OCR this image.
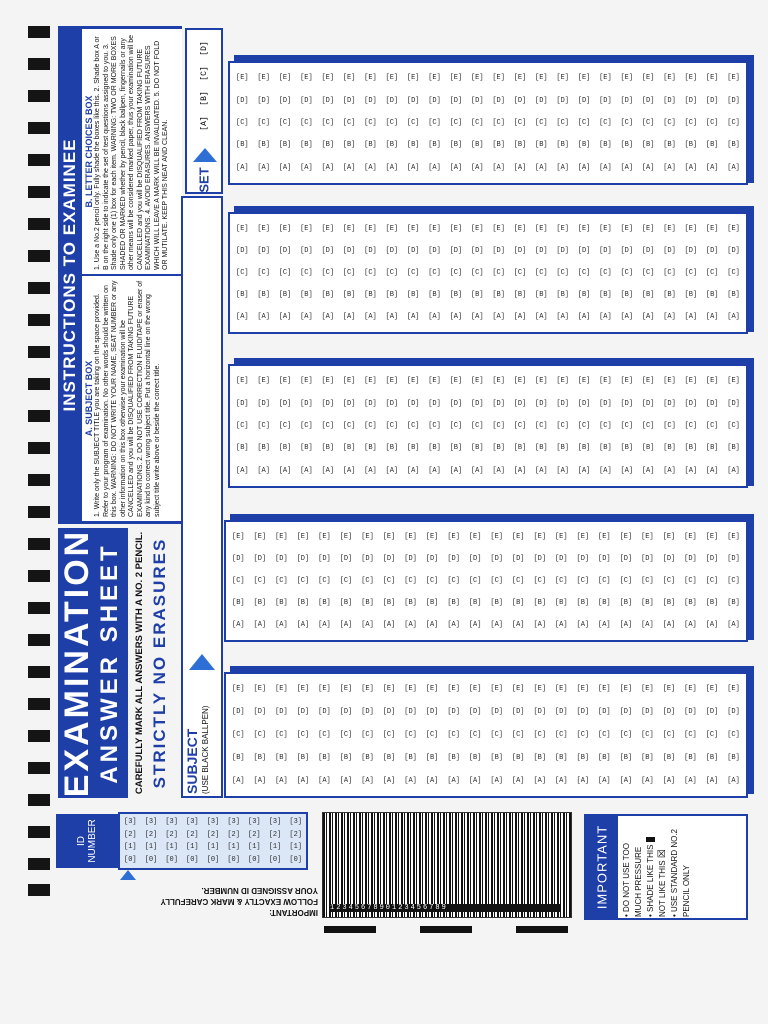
EXAMINATION ANSWER SHEET CAREFULLY MARK ALL ANSWERS WITH A NO. 2 PENCIL. STRICTLY NO ERASURES
INSTRUCTIONS TO EXAMINEE A. SUBJECT BOX 1. Write only the SUBJECT TITLE you are taking on the space provided. Refer to your program of examination. No other words should be written on this box. WARNING: DO NOT WRITE YOUR NAME, SEAT NUMBER or any other information on this box otherwise your examination will be CANCELLED and you will be DISQUALIFIED FROM TAKING FUTURE EXAMINATIONS. 2. DO NOT USE CORRECTION FLUID/TAPE or eraser of any kind to correct wrong subject title. Put a horizontal line on the wrong subject title write above or beside the correct title.
B. LETTER CHOICES BOX 1. Use a No.2 pencil only. Fully shade the boxes like this. 2. Shade box A or B on the right side to indicate the set of test questions assigned to you. 3. Shade only one (1) box for each item. WARNING: TWO OR MORE BOXES SHADED OR MARKED whether by pencil, black ballpen, fingernails or any other means will be considered marked paper, thus your examination will be CANCELLED and you will be DISQUALIFIED FROM TAKING FUTURE EXAMINATIONS. 4. AVOID ERASURES. ANSWERS WITH ERASURES WHICH WILL LEAVE A MARK WILL BE INVALIDATED. 5. DO NOT FOLD OR MUTILATE. KEEP THIS NEAT AND CLEAN.	[A]
[B]
[C]
[D]
SET
SUBJECT (USE BLACK BALLPEN)
[E] [E] [E] [E] [E] [E] [E] [E] [E] [E] [E] [E] [E] [E] [E] [E] [E] [E] [E] [E] [E] [E] [E] [E]
[D] [D] [D] [D] [D] [D] [D] [D] [D] [D] [D] [D] [D] [D] [D] [D] [D] [D] [D] [D] [D] [D] [D] [D]
[C] [C] [C] [C] [C] [C] [C] [C] [C] [C] [C] [C] [C] [C] [C] [C] [C] [C] [C] [C] [C] [C] [C] [C]
[B] [B] [B] [B] [B] [B] [B] [B] [B] [B] [B] [B] [B] [B] [B] [B] [B] [B] [B] [B] [B] [B] [B] [B]
[A] [A] [A] [A] [A] [A] [A] [A] [A] [A] [A] [A] [A] [A] [A] [A] [A] [A] [A] [A] [A] [A] [A] [A]
[E] [E] [E] [E] [E] [E] [E] [E] [E] [E] [E] [E] [E] [E] [E] [E] [E] [E] [E] [E] [E] [E] [E] [E]
[D] [D] [D] [D] [D] [D] [D] [D] [D] [D] [D] [D] [D] [D] [D] [D] [D] [D] [D] [D] [D] [D] [D] [D]
[C] [C] [C] [C] [C] [C] [C] [C] [C] [C] [C] [C] [C] [C] [C] [C] [C] [C] [C] [C] [C] [C] [C] [C]
[B] [B] [B] [B] [B] [B] [B] [B] [B] [B] [B] [B] [B] [B] [B] [B] [B] [B] [B] [B] [B] [B] [B] [B]
[A] [A] [A] [A] [A] [A] [A] [A] [A] [A] [A] [A] [A] [A] [A] [A] [A] [A] [A] [A] [A] [A] [A] [A]
[E] [E] [E] [E] [E] [E] [E] [E] [E] [E] [E] [E] [E] [E] [E] [E] [E] [E] [E] [E] [E] [E] [E] [E]
[D] [D] [D] [D] [D] [D] [D] [D] [D] [D] [D] [D] [D] [D] [D] [D] [D] [D] [D] [D] [D] [D] [D] [D]
[C] [C] [C] [C] [C] [C] [C] [C] [C] [C] [C] [C] [C] [C] [C] [C] [C] [C] [C] [C] [C] [C] [C] [C]
[B] [B] [B] [B] [B] [B] [B] [B] [B] [B] [B] [B] [B] [B] [B] [B] [B] [B] [B] [B] [B] [B] [B] [B]
[A] [A] [A] [A] [A] [A] [A] [A] [A] [A] [A] [A] [A] [A] [A] [A] [A] [A] [A] [A] [A] [A] [A] [A]
[E] [E] [E] [E] [E] [E] [E] [E] [E] [E] [E] [E] [E] [E] [E] [E] [E] [E] [E] [E] [E] [E] [E] [E]
[D] [D] [D] [D] [D] [D] [D] [D] [D] [D] [D] [D] [D] [D] [D] [D] [D] [D] [D] [D] [D] [D] [D] [D]
[C] [C] [C] [C] [C] [C] [C] [C] [C] [C] [C] [C] [C] [C] [C] [C] [C] [C] [C] [C] [C] [C] [C] [C]
[B] [B] [B] [B] [B] [B] [B] [B] [B] [B] [B] [B] [B] [B] [B] [B] [B] [B] [B] [B] [B] [B] [B] [B]
[A] [A] [A] [A] [A] [A] [A] [A] [A] [A] [A] [A] [A] [A] [A] [A] [A] [A] [A] [A] [A] [A] [A] [A]
[E] [E] [E] [E] [E] [E] [E] [E] [E] [E] [E] [E] [E] [E] [E] [E] [E] [E] [E] [E] [E] [E] [E] [E]
[D] [D] [D] [D] [D] [D] [D] [D] [D] [D] [D] [D] [D] [D] [D] [D] [D] [D] [D] [D] [D] [D] [D] [D]
[C] [C] [C] [C] [C] [C] [C] [C] [C] [C] [C] [C] [C] [C] [C] [C] [C] [C] [C] [C] [C] [C] [C] [C]
[B] [B] [B] [B] [B] [B] [B] [B] [B] [B] [B] [B] [B] [B] [B] [B] [B] [B] [B] [B] [B] [B] [B] [B]
[A] [A] [A] [A] [A] [A] [A] [A] [A] [A] [A] [A] [A] [A] [A] [A] [A] [A] [A] [A] [A] [A] [A] [A]
ID NUMBER	[3] [3] [3] [3] [3] [3] [3] [3] [3]
[2] [2] [2] [2] [2] [2] [2] [2] [2]
[1] [1] [1] [1] [1] [1] [1] [1] [1]
[0] [0] [0] [0] [0] [0] [0] [0] [0]
IMPORTANT:
FOLLOW EXACTLY & MARK CAREFULLY
YOUR ASSIGNED ID NUMBER.
1234567890123456789	IMPORTANT
• DO NOT USE TOO MUCH PRESSURE • SHADE LIKE THIS NOT LIKE THIS ☒
• USE STANDARD NO.2 PENCIL ONLY
